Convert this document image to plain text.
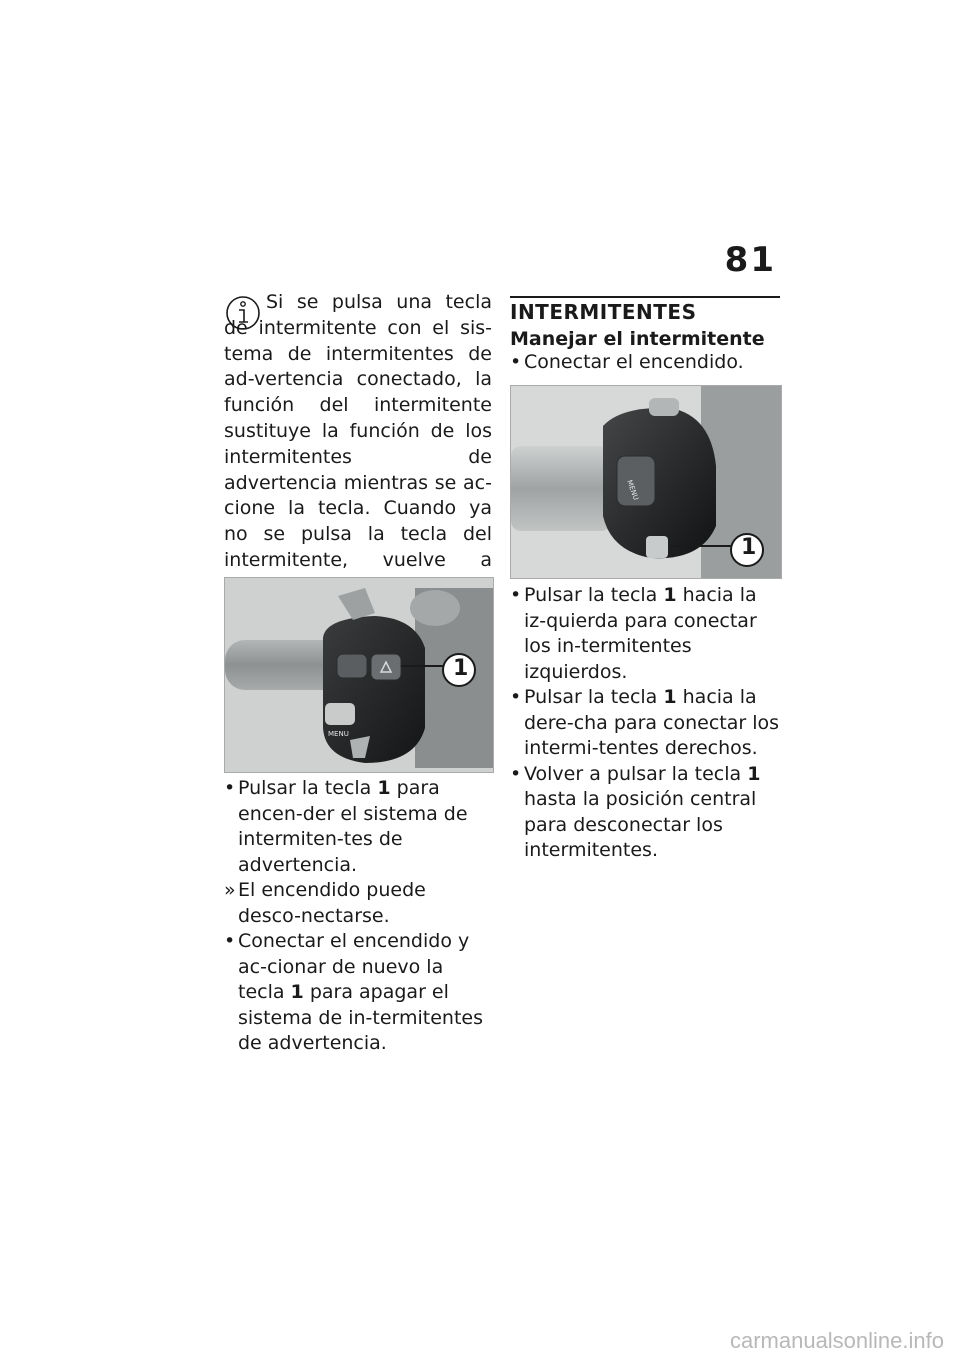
81
Si se pulsa una tecla de intermitente con el sis-tema de intermitentes de ad-vertencia conectado, la función del intermitente sustituye la función de los intermitentes de advertencia mientras se ac-cione la tecla. Cuando ya no se pulsa la tecla del intermitente, vuelve a
MENU
1
• Pulsar la tecla 1 para encen-der el sistema de intermiten-tes de advertencia.
» El encendido puede desco-nectarse.
• Conectar el encendido y ac-cionar de nuevo la tecla 1 para apagar el sistema de in-termitentes de advertencia.
INTERMITENTES
Manejar el intermitente
• Conectar el encendido.
MENU
1
• Pulsar la tecla 1 hacia la iz-quierda para conectar los in-termitentes izquierdos.
• Pulsar la tecla 1 hacia la dere-cha para conectar los intermi-tentes derechos.
• Volver a pulsar la tecla 1 hasta la posición central para desconectar los intermitentes.
carmanualsonline.info
